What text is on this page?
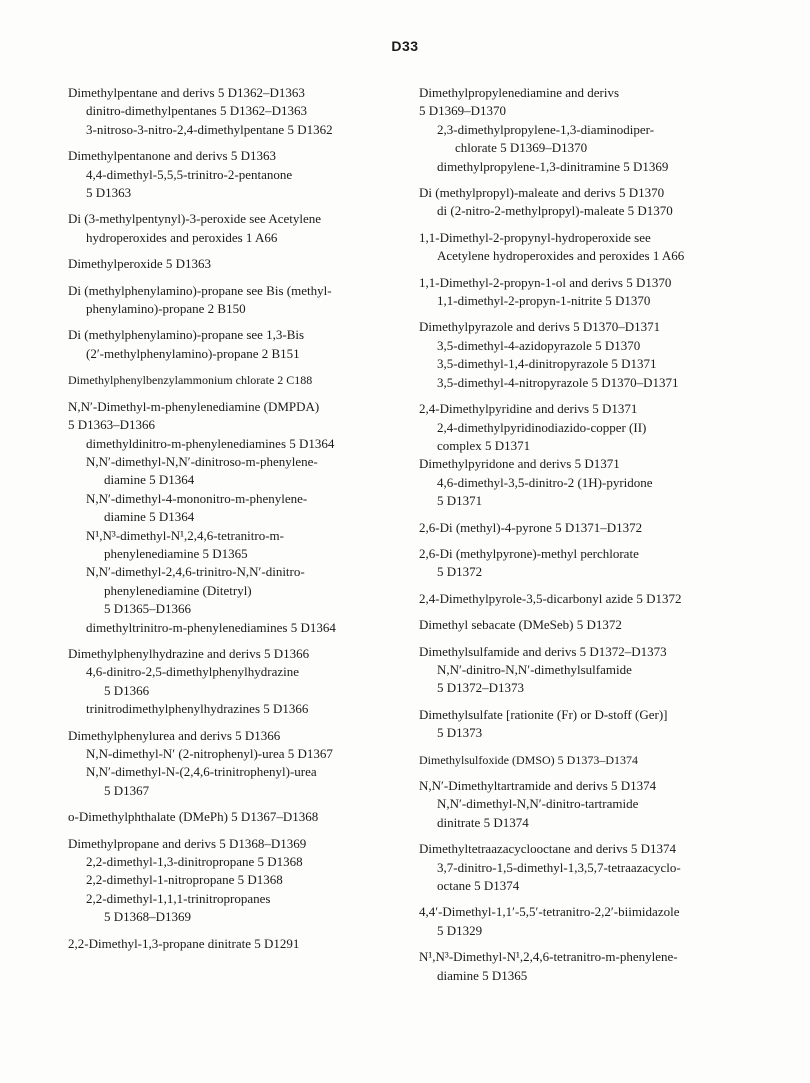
D33
Dimethylpentane and derivs 5 D1362–D1363
dinitro-dimethylpentanes 5 D1362–D1363
3-nitroso-3-nitro-2,4-dimethylpentane 5 D1362
Dimethylpentanone and derivs 5 D1363
4,4-dimethyl-5,5,5-trinitro-2-pentanone
5 D1363
Di (3-methylpentynyl)-3-peroxide see Acetylene
hydroperoxides and peroxides 1 A66
Dimethylperoxide 5 D1363
Di (methylphenylamino)-propane see Bis (methyl-
phenylamino)-propane 2 B150
Di (methylphenylamino)-propane see 1,3-Bis
(2′-methylphenylamino)-propane 2 B151
Dimethylphenylbenzylammonium chlorate 2 C188
N,N′-Dimethyl-m-phenylenediamine (DMPDA)
5 D1363–D1366
dimethyldinitro-m-phenylenediamines 5 D1364
N,N′-dimethyl-N,N′-dinitroso-m-phenylene-
diamine 5 D1364
N,N′-dimethyl-4-mononitro-m-phenylene-
diamine 5 D1364
N¹,N³-dimethyl-N¹,2,4,6-tetranitro-m-
phenylenediamine 5 D1365
N,N′-dimethyl-2,4,6-trinitro-N,N′-dinitro-
phenylenediamine (Ditetryl)
5 D1365–D1366
dimethyltrinitro-m-phenylenediamines 5 D1364
Dimethylphenylhydrazine and derivs 5 D1366
4,6-dinitro-2,5-dimethylphenylhydrazine
5 D1366
trinitrodimethylphenylhydrazines 5 D1366
Dimethylphenylurea and derivs 5 D1366
N,N-dimethyl-N′ (2-nitrophenyl)-urea 5 D1367
N,N′-dimethyl-N-(2,4,6-trinitrophenyl)-urea
5 D1367
o-Dimethylphthalate (DMePh) 5 D1367–D1368
Dimethylpropane and derivs 5 D1368–D1369
2,2-dimethyl-1,3-dinitropropane 5 D1368
2,2-dimethyl-1-nitropropane 5 D1368
2,2-dimethyl-1,1,1-trinitropropanes
5 D1368–D1369
2,2-Dimethyl-1,3-propane dinitrate 5 D1291
Dimethylpropylenediamine and derivs
5 D1369–D1370
2,3-dimethylpropylene-1,3-diaminodiper-
chlorate 5 D1369–D1370
dimethylpropylene-1,3-dinitramine 5 D1369
Di (methylpropyl)-maleate and derivs 5 D1370
di (2-nitro-2-methylpropyl)-maleate 5 D1370
1,1-Dimethyl-2-propynyl-hydroperoxide see
Acetylene hydroperoxides and peroxides 1 A66
1,1-Dimethyl-2-propyn-1-ol and derivs 5 D1370
1,1-dimethyl-2-propyn-1-nitrite 5 D1370
Dimethylpyrazole and derivs 5 D1370–D1371
3,5-dimethyl-4-azidopyrazole 5 D1370
3,5-dimethyl-1,4-dinitropyrazole 5 D1371
3,5-dimethyl-4-nitropyrazole 5 D1370–D1371
2,4-Dimethylpyridine and derivs 5 D1371
2,4-dimethylpyridinodiazido-copper (II)
complex 5 D1371
Dimethylpyridone and derivs 5 D1371
4,6-dimethyl-3,5-dinitro-2 (1H)-pyridone
5 D1371
2,6-Di (methyl)-4-pyrone 5 D1371–D1372
2,6-Di (methylpyrone)-methyl perchlorate
5 D1372
2,4-Dimethylpyrole-3,5-dicarbonyl azide 5 D1372
Dimethyl sebacate (DMeSeb) 5 D1372
Dimethylsulfamide and derivs 5 D1372–D1373
N,N′-dinitro-N,N′-dimethylsulfamide
5 D1372–D1373
Dimethylsulfate [rationite (Fr) or D-stoff (Ger)]
5 D1373
Dimethylsulfoxide (DMSO) 5 D1373–D1374
N,N′-Dimethyltartramide and derivs 5 D1374
N,N′-dimethyl-N,N′-dinitro-tartramide
dinitrate 5 D1374
Dimethyltetraazacyclooctane and derivs 5 D1374
3,7-dinitro-1,5-dimethyl-1,3,5,7-tetraazacyclo-
octane 5 D1374
4,4′-Dimethyl-1,1′-5,5′-tetranitro-2,2′-biimidazole
5 D1329
N¹,N³-Dimethyl-N¹,2,4,6-tetranitro-m-phenylene-
diamine 5 D1365
